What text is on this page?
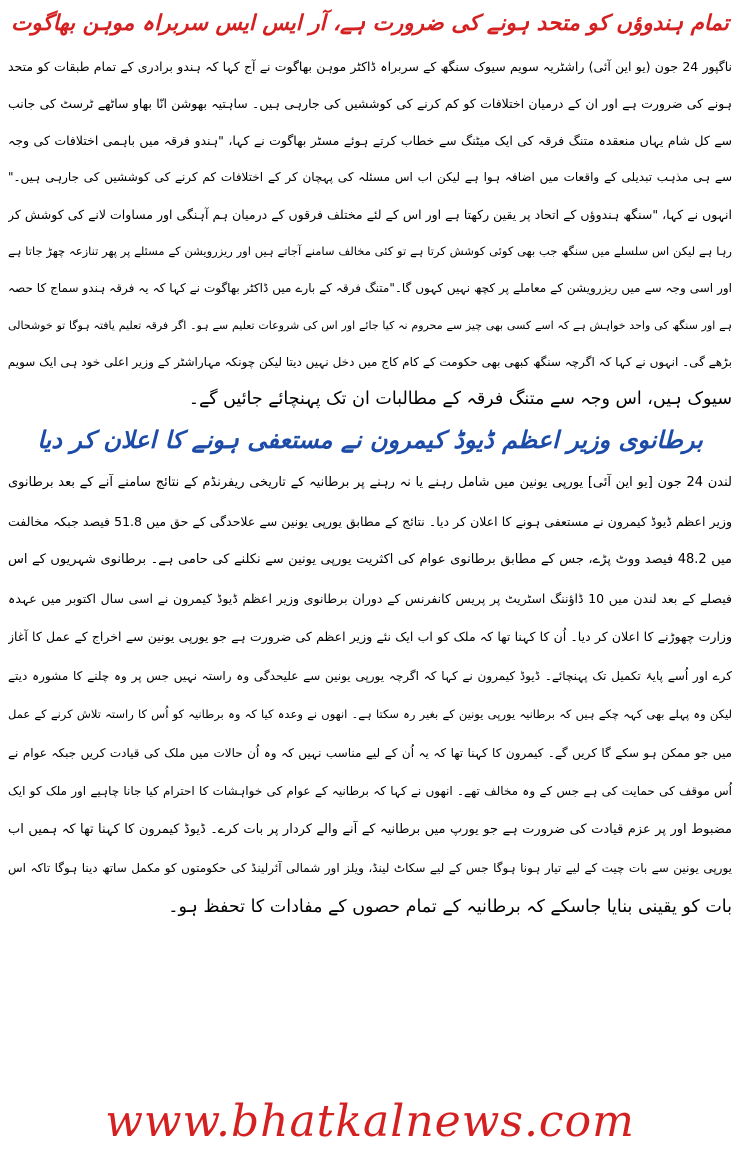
تمام ہندوؤں کو متحد ہونے کی ضرورت ہے، آر ایس ایس سربراہ موہن بھاگوت
ناگپور 24 جون (یو این آئی) راشٹریہ سویم سیوک سنگھ کے سربراہ ڈاکٹر موہن بھاگوت نے آج کہا کہ ہندو برادری کے تمام طبقات کو متحد
ہونے کی ضرورت ہے اور ان کے درمیان اختلافات کو کم کرنے کی کوششیں کی جارہی ہیں۔ ساہتیہ بھوشن انّا بھاو ساٹھے ٹرسٹ کی جانب
سے کل شام یہاں منعقدہ متنگ فرقہ کی ایک میٹنگ سے خطاب کرتے ہوئے مسٹر بھاگوت نے کہا، "ہندو فرقہ میں باہمی اختلافات کی وجہ
سے ہی مذہب تبدیلی کے واقعات میں اضافہ ہوا ہے لیکن اب اس مسئلہ کی پہچان کر کے اختلافات کم کرنے کی کوششیں کی جارہی ہیں۔"
انہوں نے کہا، "سنگھ ہندوؤں کے اتحاد پر یقین رکھتا ہے اور اس کے لئے مختلف فرقوں کے درمیان ہم آہنگی اور مساوات لانے کی کوشش کر
رہا ہے لیکن اس سلسلے میں سنگھ جب بھی کوئی کوشش کرتا ہے تو کئی مخالف سامنے آجاتے ہیں اور ریزرویشن کے مسئلے پر پھر تنازعہ چھڑ جاتا ہے
اور اسی وجہ سے میں ریزرویشن کے معاملے پر کچھ نہیں کہوں گا۔"متنگ فرقہ کے بارے میں ڈاکٹر بھاگوت نے کہا کہ یہ فرقہ ہندو سماج کا حصہ
ہے اور سنگھ کی واحد خواہش ہے کہ اسے کسی بھی چیز سے محروم نہ کیا جائے اور اس کی شروعات تعلیم سے ہو۔ اگر فرقہ تعلیم یافتہ ہوگا تو خوشحالی
بڑھے گی۔ انہوں نے کہا کہ اگرچہ سنگھ کبھی بھی حکومت کے کام کاج میں دخل نہیں دیتا لیکن چونکہ مہاراشٹر کے وزیر اعلی خود ہی ایک سویم
سیوک ہیں، اس وجہ سے متنگ فرقہ کے مطالبات ان تک پہنچائے جائیں گے۔
برطانوی وزیر اعظم ڈیوڈ کیمرون نے مستعفی ہونے کا اعلان کر دیا
لندن 24 جون [یو این آئی] یورپی یونین میں شامل رہنے یا نہ رہنے پر برطانیہ کے تاریخی ریفرنڈم کے نتائج سامنے آنے کے بعد برطانوی
وزیر اعظم ڈیوڈ کیمرون نے مستعفی ہونے کا اعلان کر دیا۔ نتائج کے مطابق یورپی یونین سے علاحدگی کے حق میں 51.8 فیصد جبکہ مخالفت
میں 48.2 فیصد ووٹ پڑے، جس کے مطابق برطانوی عوام کی اکثریت یورپی یونین سے نکلنے کی حامی ہے۔ برطانوی شہریوں کے اس
فیصلے کے بعد لندن میں 10 ڈاؤننگ اسٹریٹ پر پریس کانفرنس کے دوران برطانوی وزیر اعظم ڈیوڈ کیمرون نے اسی سال اکتوبر میں عہدہ
وزارت چھوڑنے کا اعلان کر دیا۔ اُن کا کہنا تھا کہ ملک کو اب ایک نئے وزیر اعظم کی ضرورت ہے جو یورپی یونین سے اخراج کے عمل کا آغاز
کرے اور اُسے پایۂ تکمیل تک پہنچائے۔ ڈیوڈ کیمرون نے کہا کہ اگرچہ یورپی یونین سے علیحدگی وہ راستہ نہیں جس پر وہ چلنے کا مشورہ دیتے
لیکن وہ پہلے بھی کہہ چکے ہیں کہ برطانیہ یورپی یونین کے بغیر رہ سکتا ہے۔ انھوں نے وعدہ کیا کہ وہ برطانیہ کو اُس کا راستہ تلاش کرنے کے عمل
میں جو ممکن ہو سکے گا کریں گے۔ کیمرون کا کہنا تھا کہ یہ اُن کے لیے مناسب نہیں کہ وہ اُن حالات میں ملک کی قیادت کریں جبکہ عوام نے
اُس موقف کی حمایت کی ہے جس کے وہ مخالف تھے۔ انھوں نے کہا کہ برطانیہ کے عوام کی خواہشات کا احترام کیا جانا چاہیے اور ملک کو ایک
مضبوط اور پر عزم قیادت کی ضرورت ہے جو یورپ میں برطانیہ کے آنے والے کردار پر بات کرے۔ ڈیوڈ کیمرون کا کہنا تھا کہ ہمیں اب
یورپی یونین سے بات چیت کے لیے تیار ہونا ہوگا جس کے لیے سکاٹ لینڈ، ویلز اور شمالی آئرلینڈ کی حکومتوں کو مکمل ساتھ دینا ہوگا تاکہ اس
بات کو یقینی بنایا جاسکے کہ برطانیہ کے تمام حصوں کے مفادات کا تحفظ ہو۔
www.bhatkalnews.com
